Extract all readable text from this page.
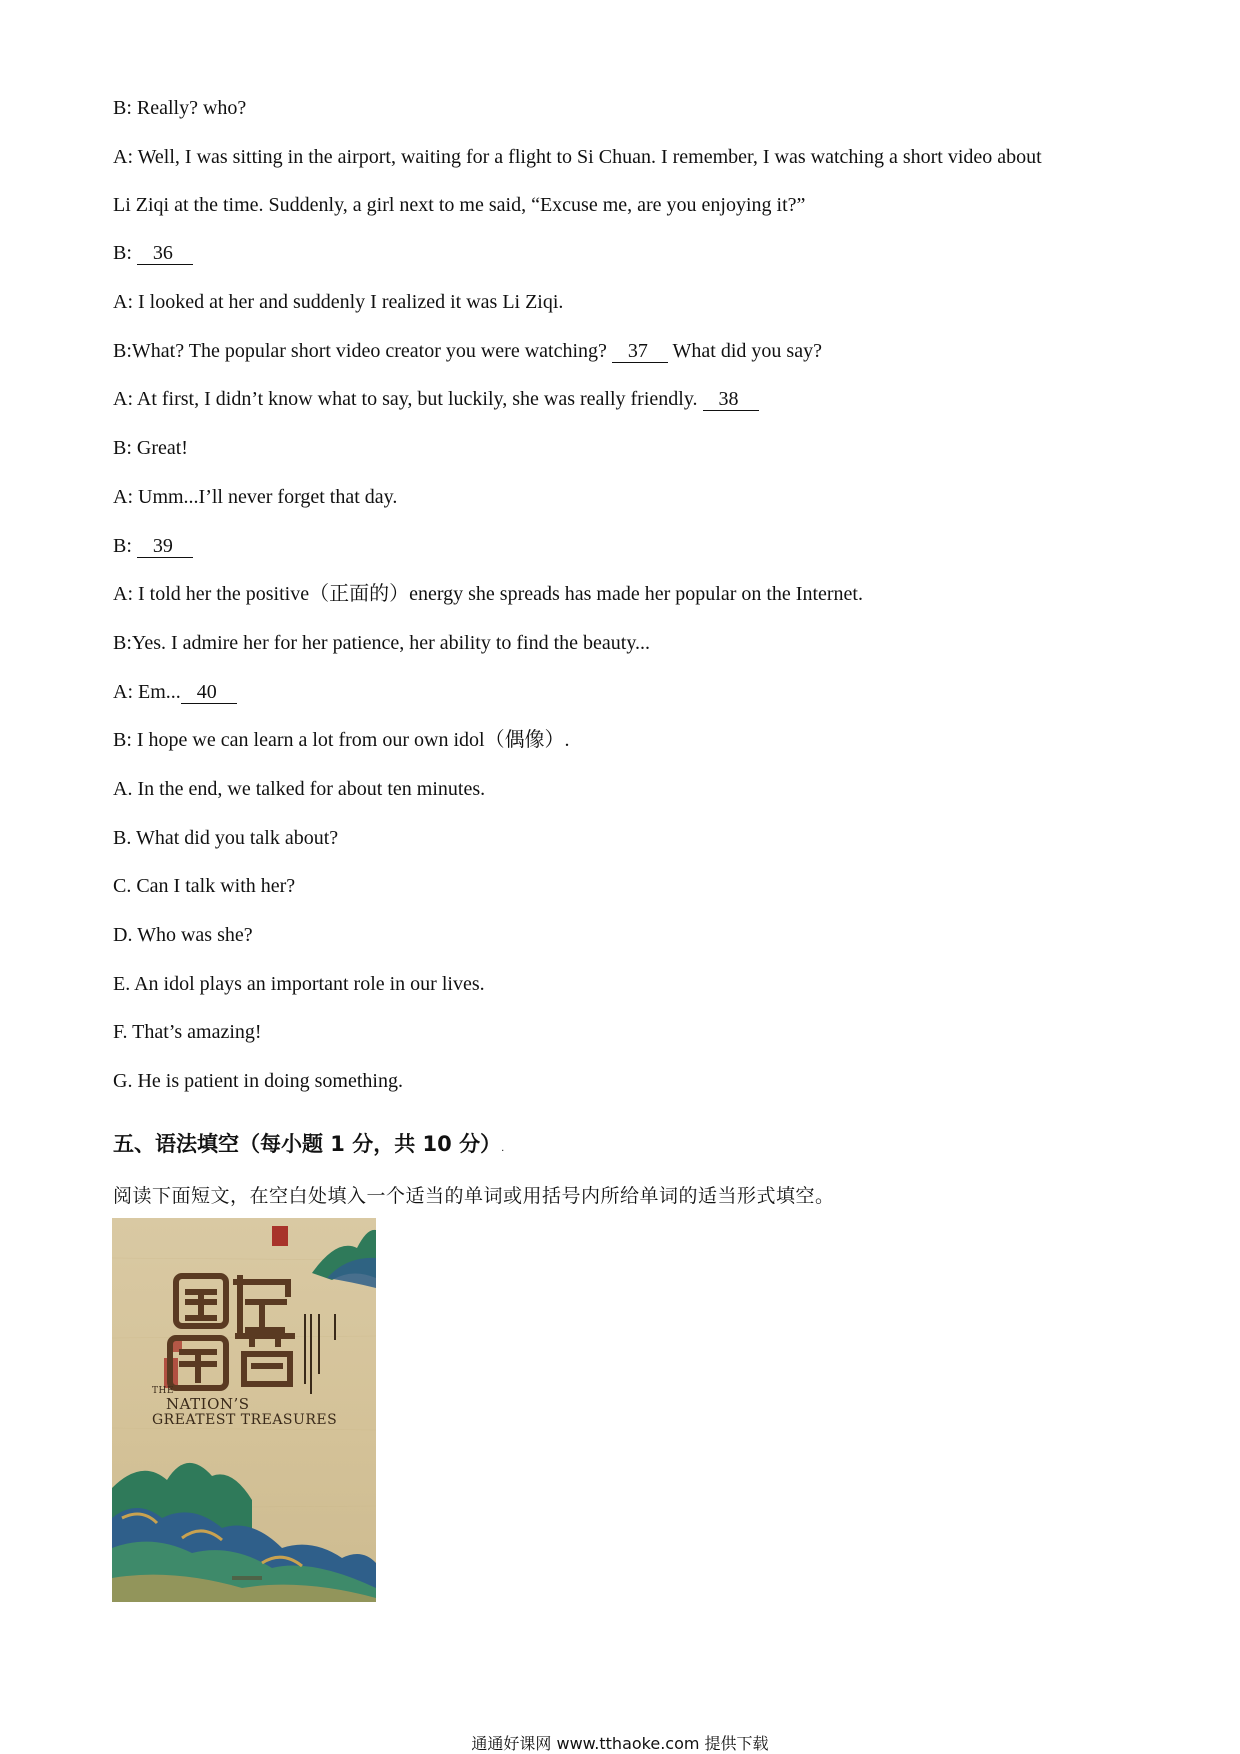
B: Really? who?
A: Well, I was sitting in the airport, waiting for a flight to Si Chuan. I remember, I was watching a short video about
Li Ziqi at the time. Suddenly, a girl next to me said, “Excuse me, are you enjoying it?”
B: 36
A: I looked at her and suddenly I realized it was Li Ziqi.
B:What? The popular short video creator you were watching? 37 What did you say?
A: At first, I didn’t know what to say, but luckily, she was really friendly. 38
B: Great!
A: Umm...I’ll never forget that day.
B: 39
A: I told her the positive（正面的）energy she spreads has made her popular on the Internet.
B:Yes. I admire her for her patience, her ability to find the beauty...
A: Em... 40
B: I hope we can learn a lot from our own idol（偶像）.
A. In the end, we talked for about ten minutes.
B. What did you talk about?
C. Can I talk with her?
D. Who was she?
E. An idol plays an important role in our lives.
F. That’s amazing!
G. He is patient in doing something.
五、语法填空（每小题 1 分，共 10 分）.
阅读下面短文，在空白处填入一个适当的单词或用括号内所给单词的适当形式填空。
THE
NATION’S
GREATEST TREASURES
通通好课网 www.tthaoke.com 提供下载
